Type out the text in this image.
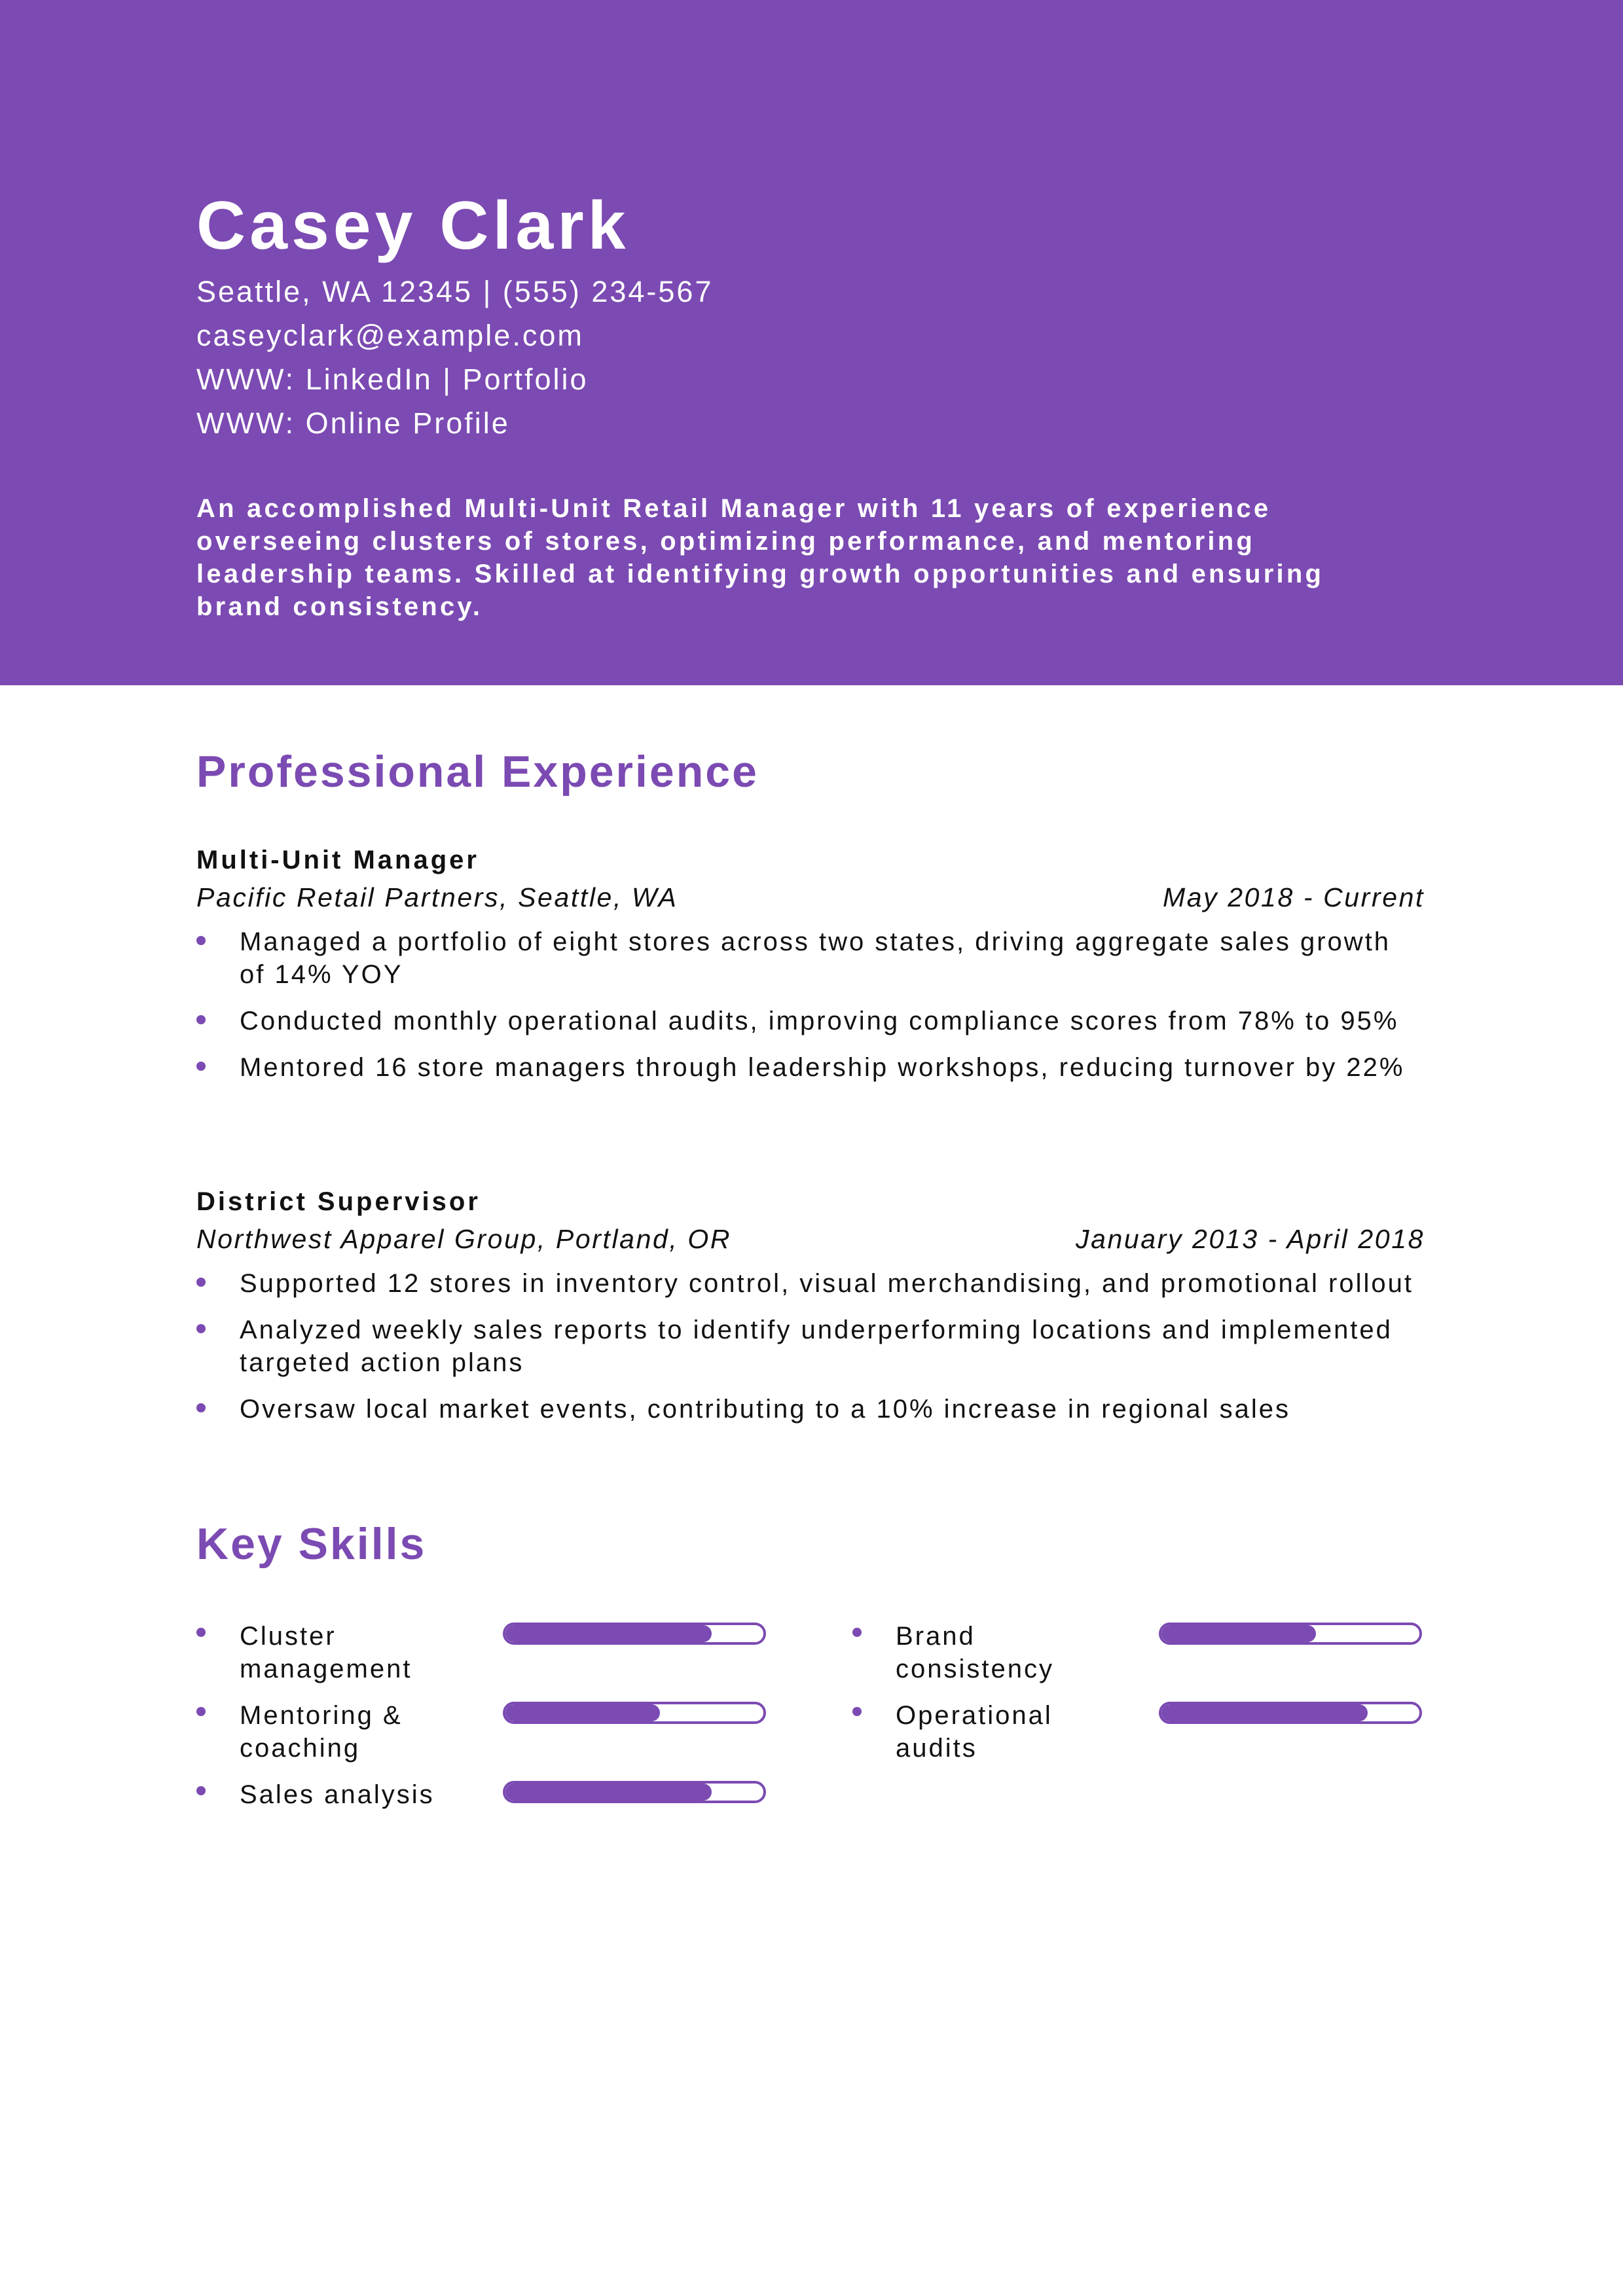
Casey Clark
Seattle, WA 12345 | (555) 234-567
caseyclark@example.com
WWW: LinkedIn | Portfolio
WWW: Online Profile
An accomplished Multi-Unit Retail Manager with 11 years of experience overseeing clusters of stores, optimizing performance, and mentoring leadership teams. Skilled at identifying growth opportunities and ensuring brand consistency.
Professional Experience
Multi-Unit Manager
Pacific Retail Partners, Seattle, WA	May 2018 - Current
Managed a portfolio of eight stores across two states, driving aggregate sales growth of 14% YOY
Conducted monthly operational audits, improving compliance scores from 78% to 95%
Mentored 16 store managers through leadership workshops, reducing turnover by 22%
District Supervisor
Northwest Apparel Group, Portland, OR	January 2013 - April 2018
Supported 12 stores in inventory control, visual merchandising, and promotional rollout
Analyzed weekly sales reports to identify underperforming locations and implemented targeted action plans
Oversaw local market events, contributing to a 10% increase in regional sales
Key Skills
Cluster management
Brand consistency
Mentoring & coaching
Operational audits
Sales analysis
